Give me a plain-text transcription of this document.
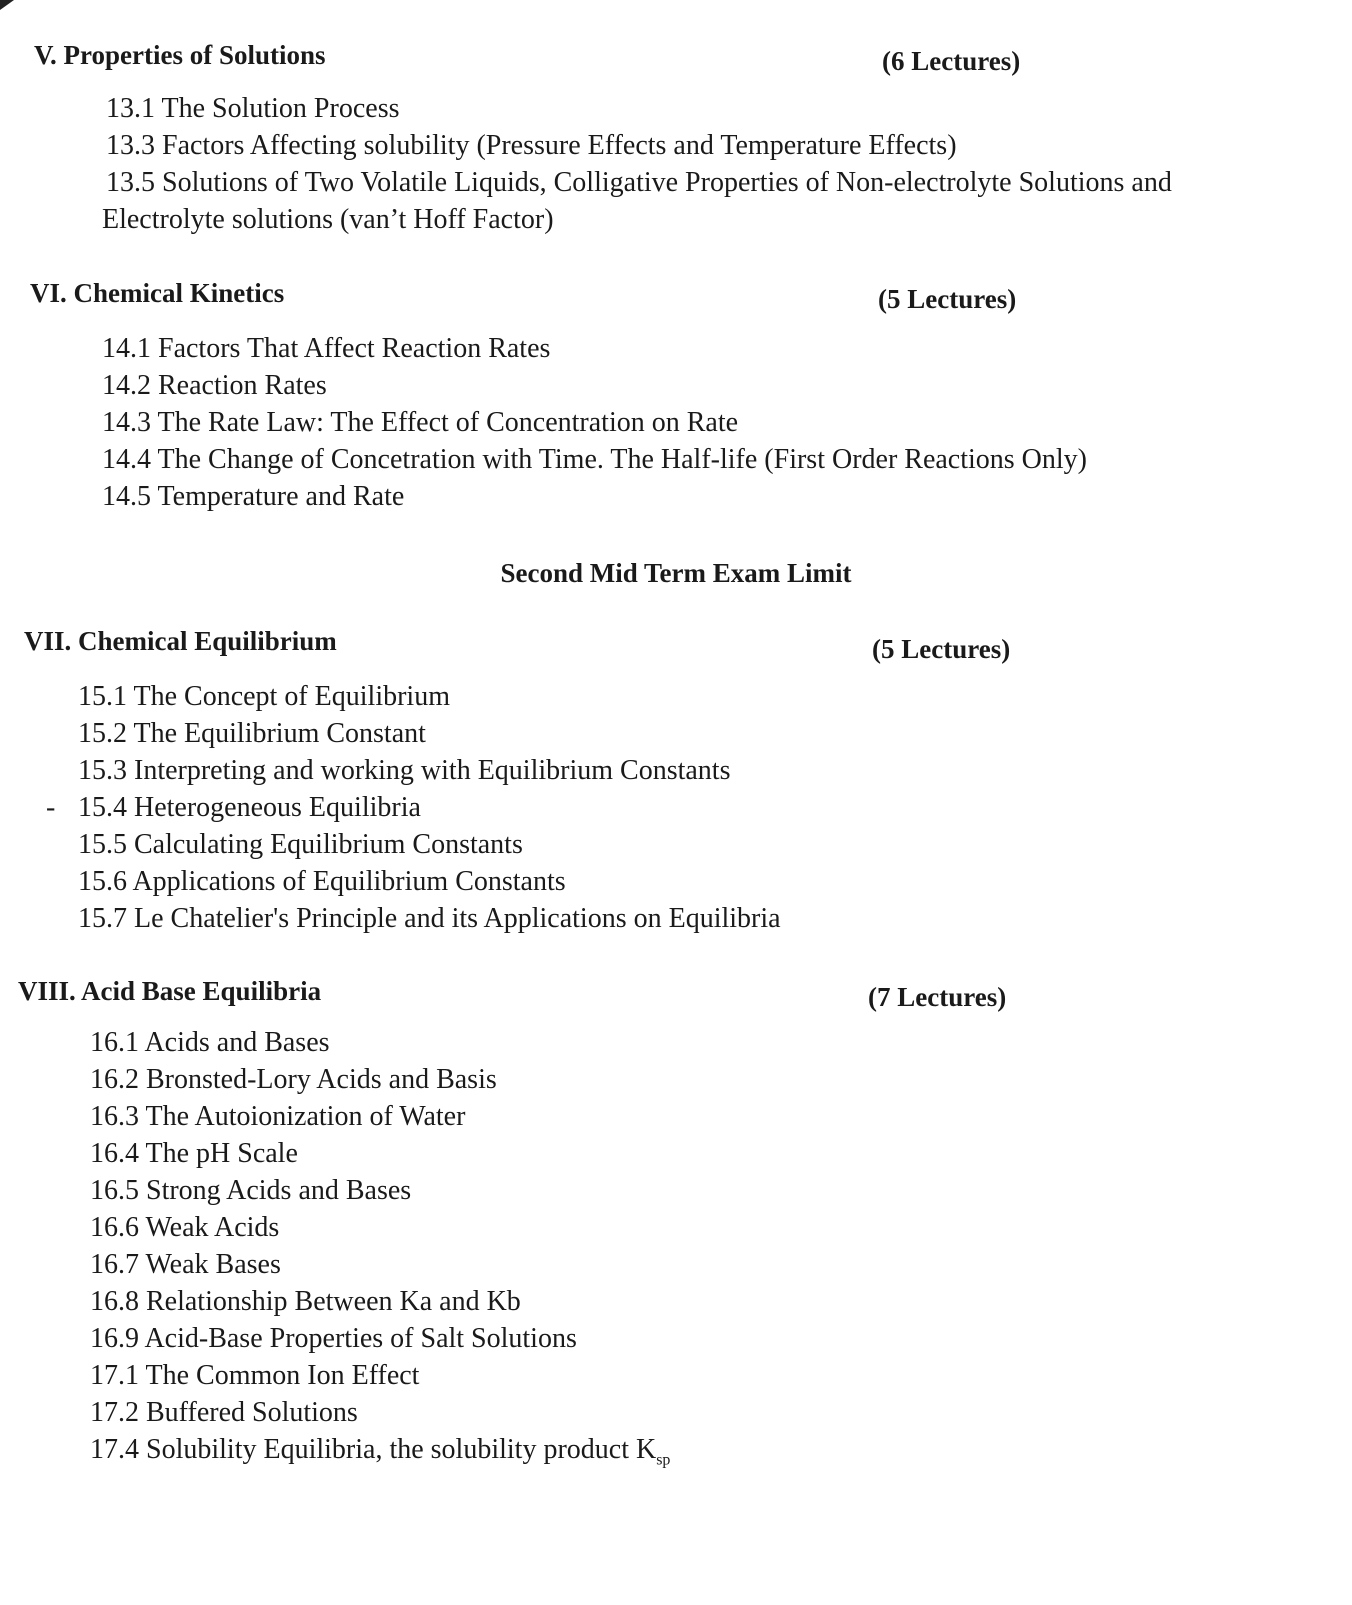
V. Properties of Solutions	(6 Lectures)
13.1 The Solution Process
13.3 Factors Affecting solubility (Pressure Effects and Temperature Effects)
13.5 Solutions of Two Volatile Liquids, Colligative Properties of Non-electrolyte Solutions and
Electrolyte solutions (van’t Hoff Factor)
VI. Chemical Kinetics	(5 Lectures)
14.1 Factors That Affect Reaction Rates
14.2 Reaction Rates
14.3 The Rate Law: The Effect of Concentration on Rate
14.4 The Change of Concetration with Time. The Half-life (First Order Reactions Only)
14.5 Temperature and Rate
Second Mid Term Exam Limit
VII. Chemical Equilibrium	(5 Lectures)
15.1 The Concept of Equilibrium
15.2 The Equilibrium Constant
15.3 Interpreting and working with Equilibrium Constants
- 15.4 Heterogeneous Equilibria
15.5 Calculating Equilibrium Constants
15.6 Applications of Equilibrium Constants
15.7 Le Chatelier's Principle and its Applications on Equilibria
VIII. Acid Base Equilibria	(7 Lectures)
16.1 Acids and Bases
16.2 Bronsted-Lory Acids and Basis
16.3 The Autoionization of Water
16.4 The pH Scale
16.5 Strong Acids and Bases
16.6 Weak Acids
16.7 Weak Bases
16.8 Relationship Between Ka and Kb
16.9 Acid-Base Properties of Salt Solutions
17.1 The Common Ion Effect
17.2 Buffered Solutions
17.4 Solubility Equilibria, the solubility product $K_{sp}$
